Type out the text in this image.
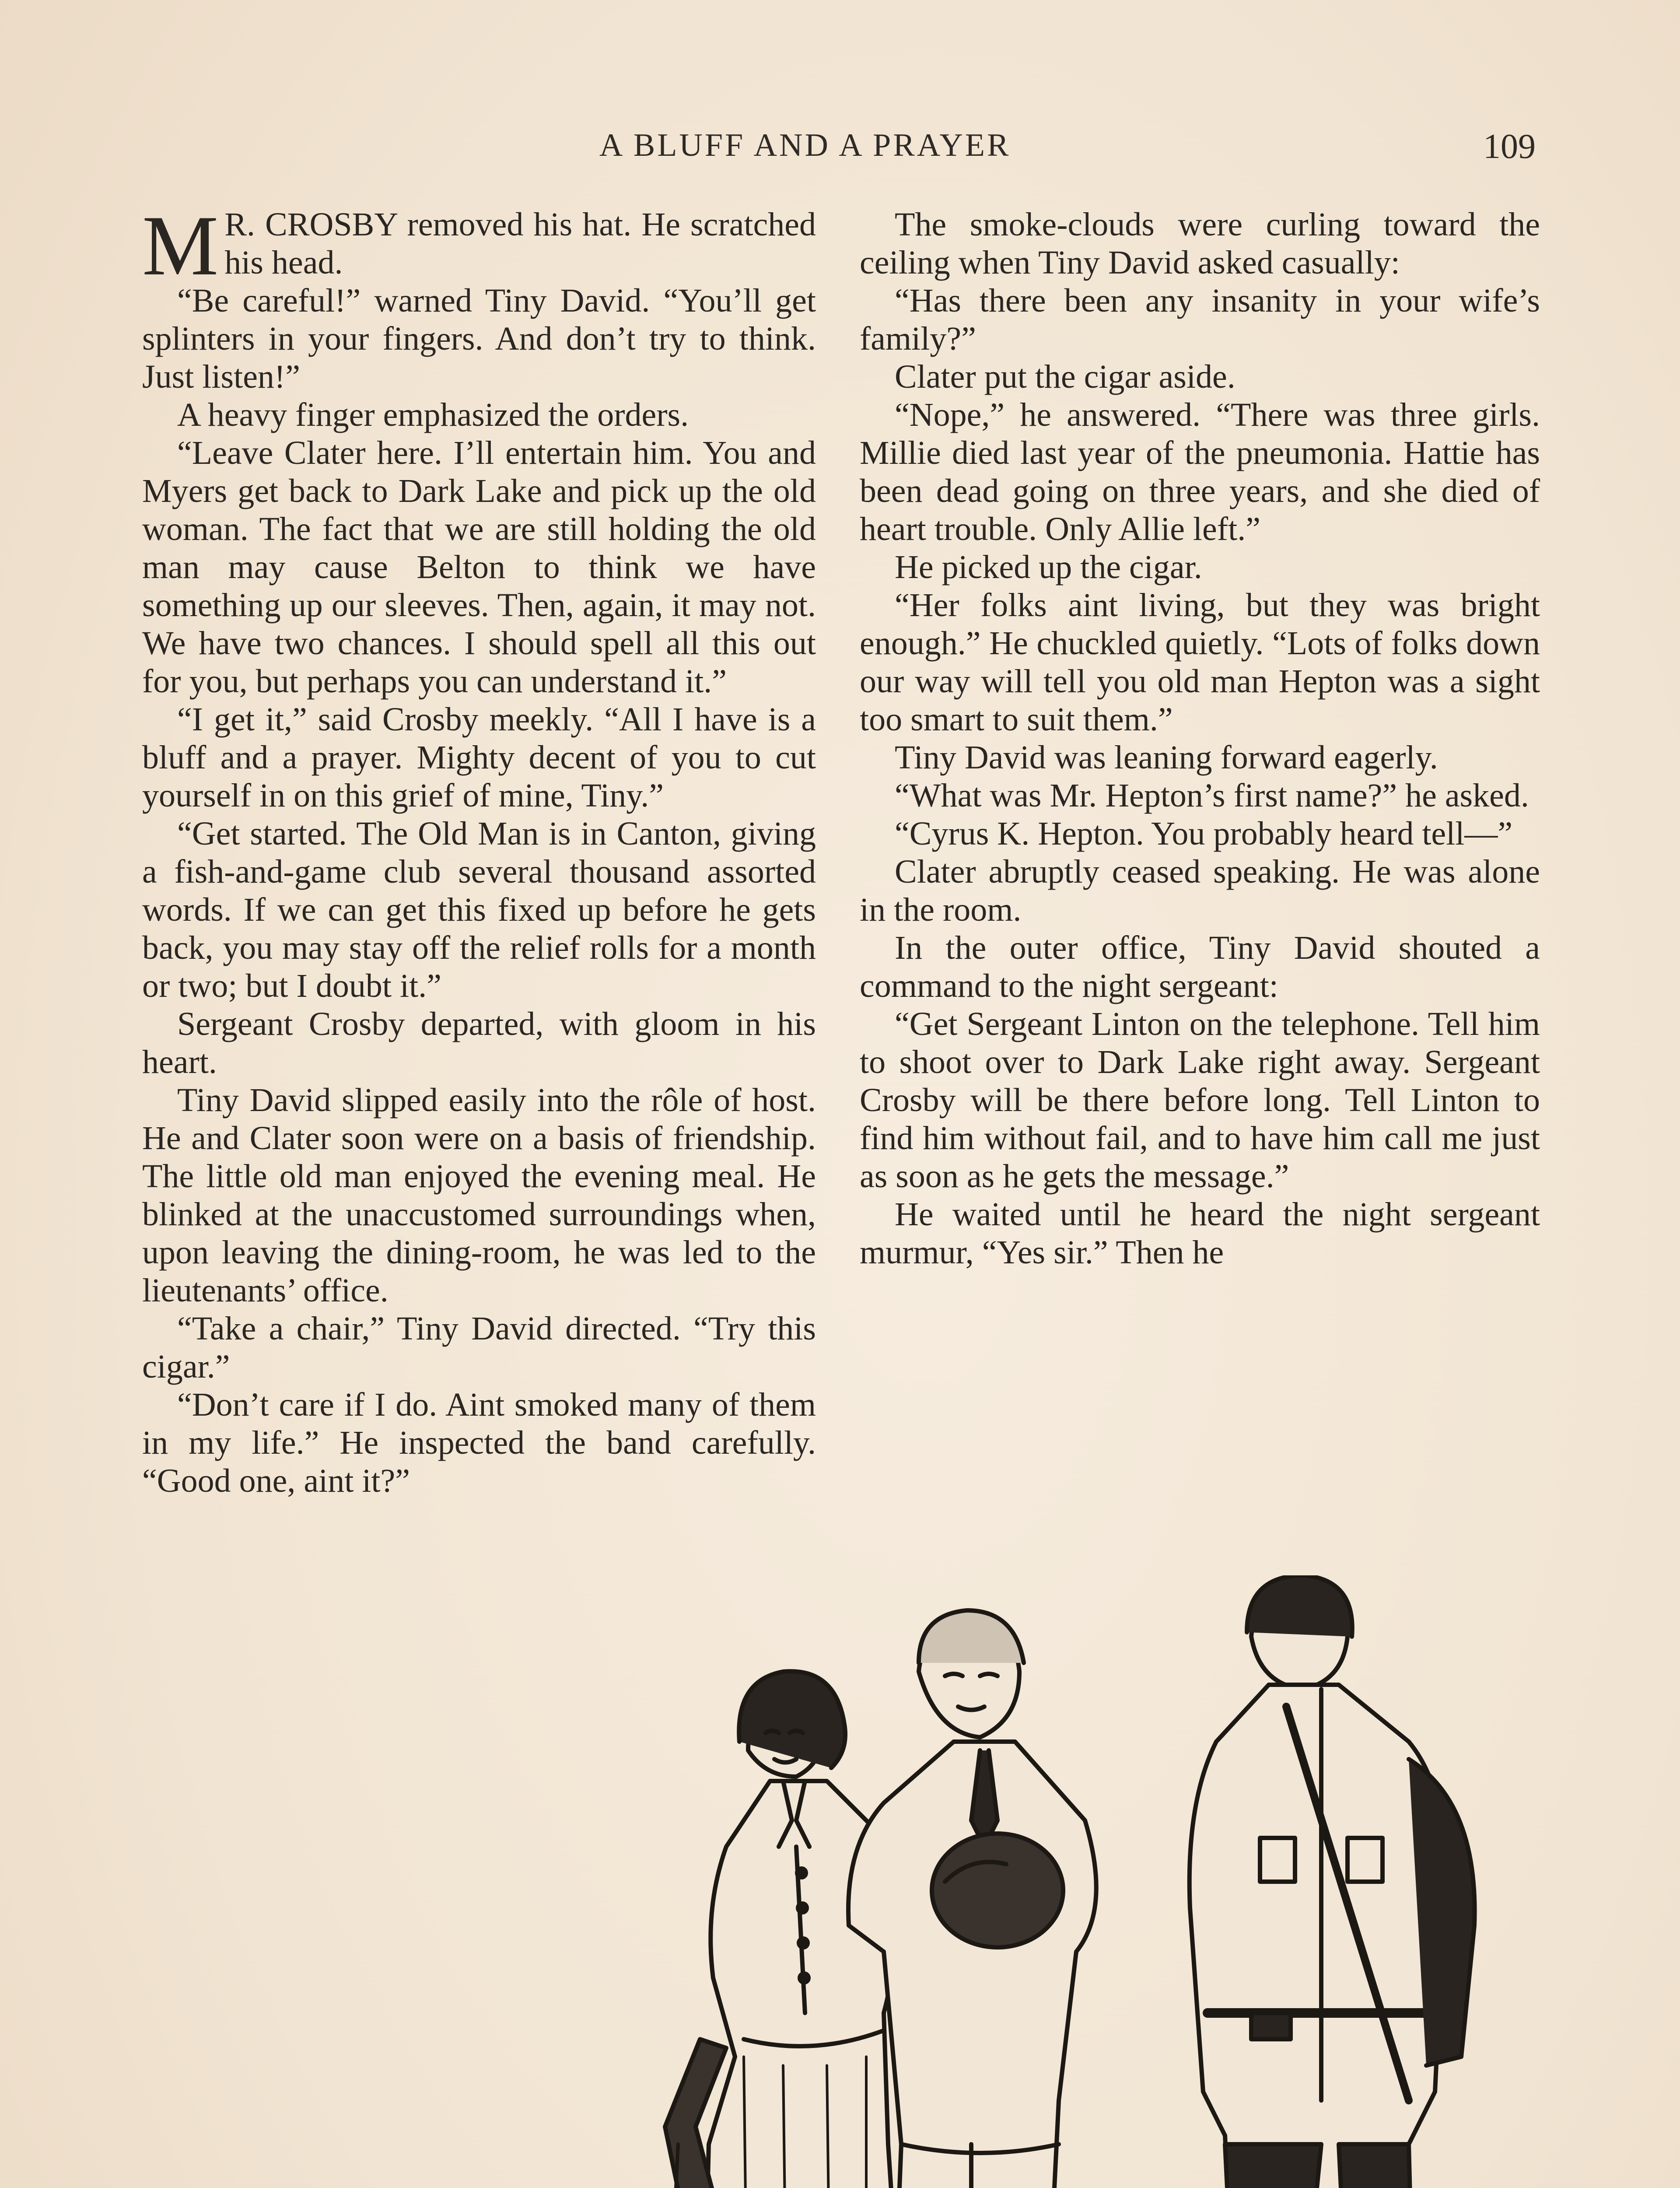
A BLUFF AND A PRAYER	109

M R. CROSBY removed his hat. He scratched his head.

“Be careful!” warned Tiny David. “You’ll get splinters in your fingers. And don’t try to think. Just listen!”

A heavy finger emphasized the orders.

“Leave Clater here. I’ll entertain him. You and Myers get back to Dark Lake and pick up the old woman. The fact that we are still holding the old man may cause Belton to think we have something up our sleeves. Then, again, it may not. We have two chances. I should spell all this out for you, but perhaps you can understand it.”

“I get it,” said Crosby meekly. “All I have is a bluff and a prayer. Mighty decent of you to cut yourself in on this grief of mine, Tiny.”

“Get started. The Old Man is in Canton, giving a fish-and-game club several thousand assorted words. If we can get this fixed up before he gets back, you may stay off the relief rolls for a month or two; but I doubt it.”

Sergeant Crosby departed, with gloom in his heart.

Tiny David slipped easily into the rôle of host. He and Clater soon were on a basis of friendship. The little old man enjoyed the evening meal. He blinked at the unaccustomed surroundings when, upon leaving the dining-room, he was led to the lieutenants’ office.

“Take a chair,” Tiny David directed. “Try this cigar.”

“Don’t care if I do. Aint smoked many of them in my life.” He inspected the band carefully. “Good one, aint it?”

The smoke-clouds were curling toward the ceiling when Tiny David asked casually:

“Has there been any insanity in your wife’s family?”

Clater put the cigar aside.

“Nope,” he answered. “There was three girls. Millie died last year of the pneumonia. Hattie has been dead going on three years, and she died of heart trouble. Only Allie left.”

He picked up the cigar.

“Her folks aint living, but they was bright enough.” He chuckled quietly. “Lots of folks down our way will tell you old man Hepton was a sight too smart to suit them.”

Tiny David was leaning forward eagerly.

“What was Mr. Hepton’s first name?” he asked.

“Cyrus K. Hepton. You probably heard tell—”

Clater abruptly ceased speaking. He was alone in the room.

In the outer office, Tiny David shouted a command to the night sergeant:

“Get Sergeant Linton on the telephone. Tell him to shoot over to Dark Lake right away. Sergeant Crosby will be there before long. Tell Linton to find him without fail, and to have him call me just as soon as he gets the message.”

He waited until he heard the night sergeant murmur, “Yes sir.” Then he
